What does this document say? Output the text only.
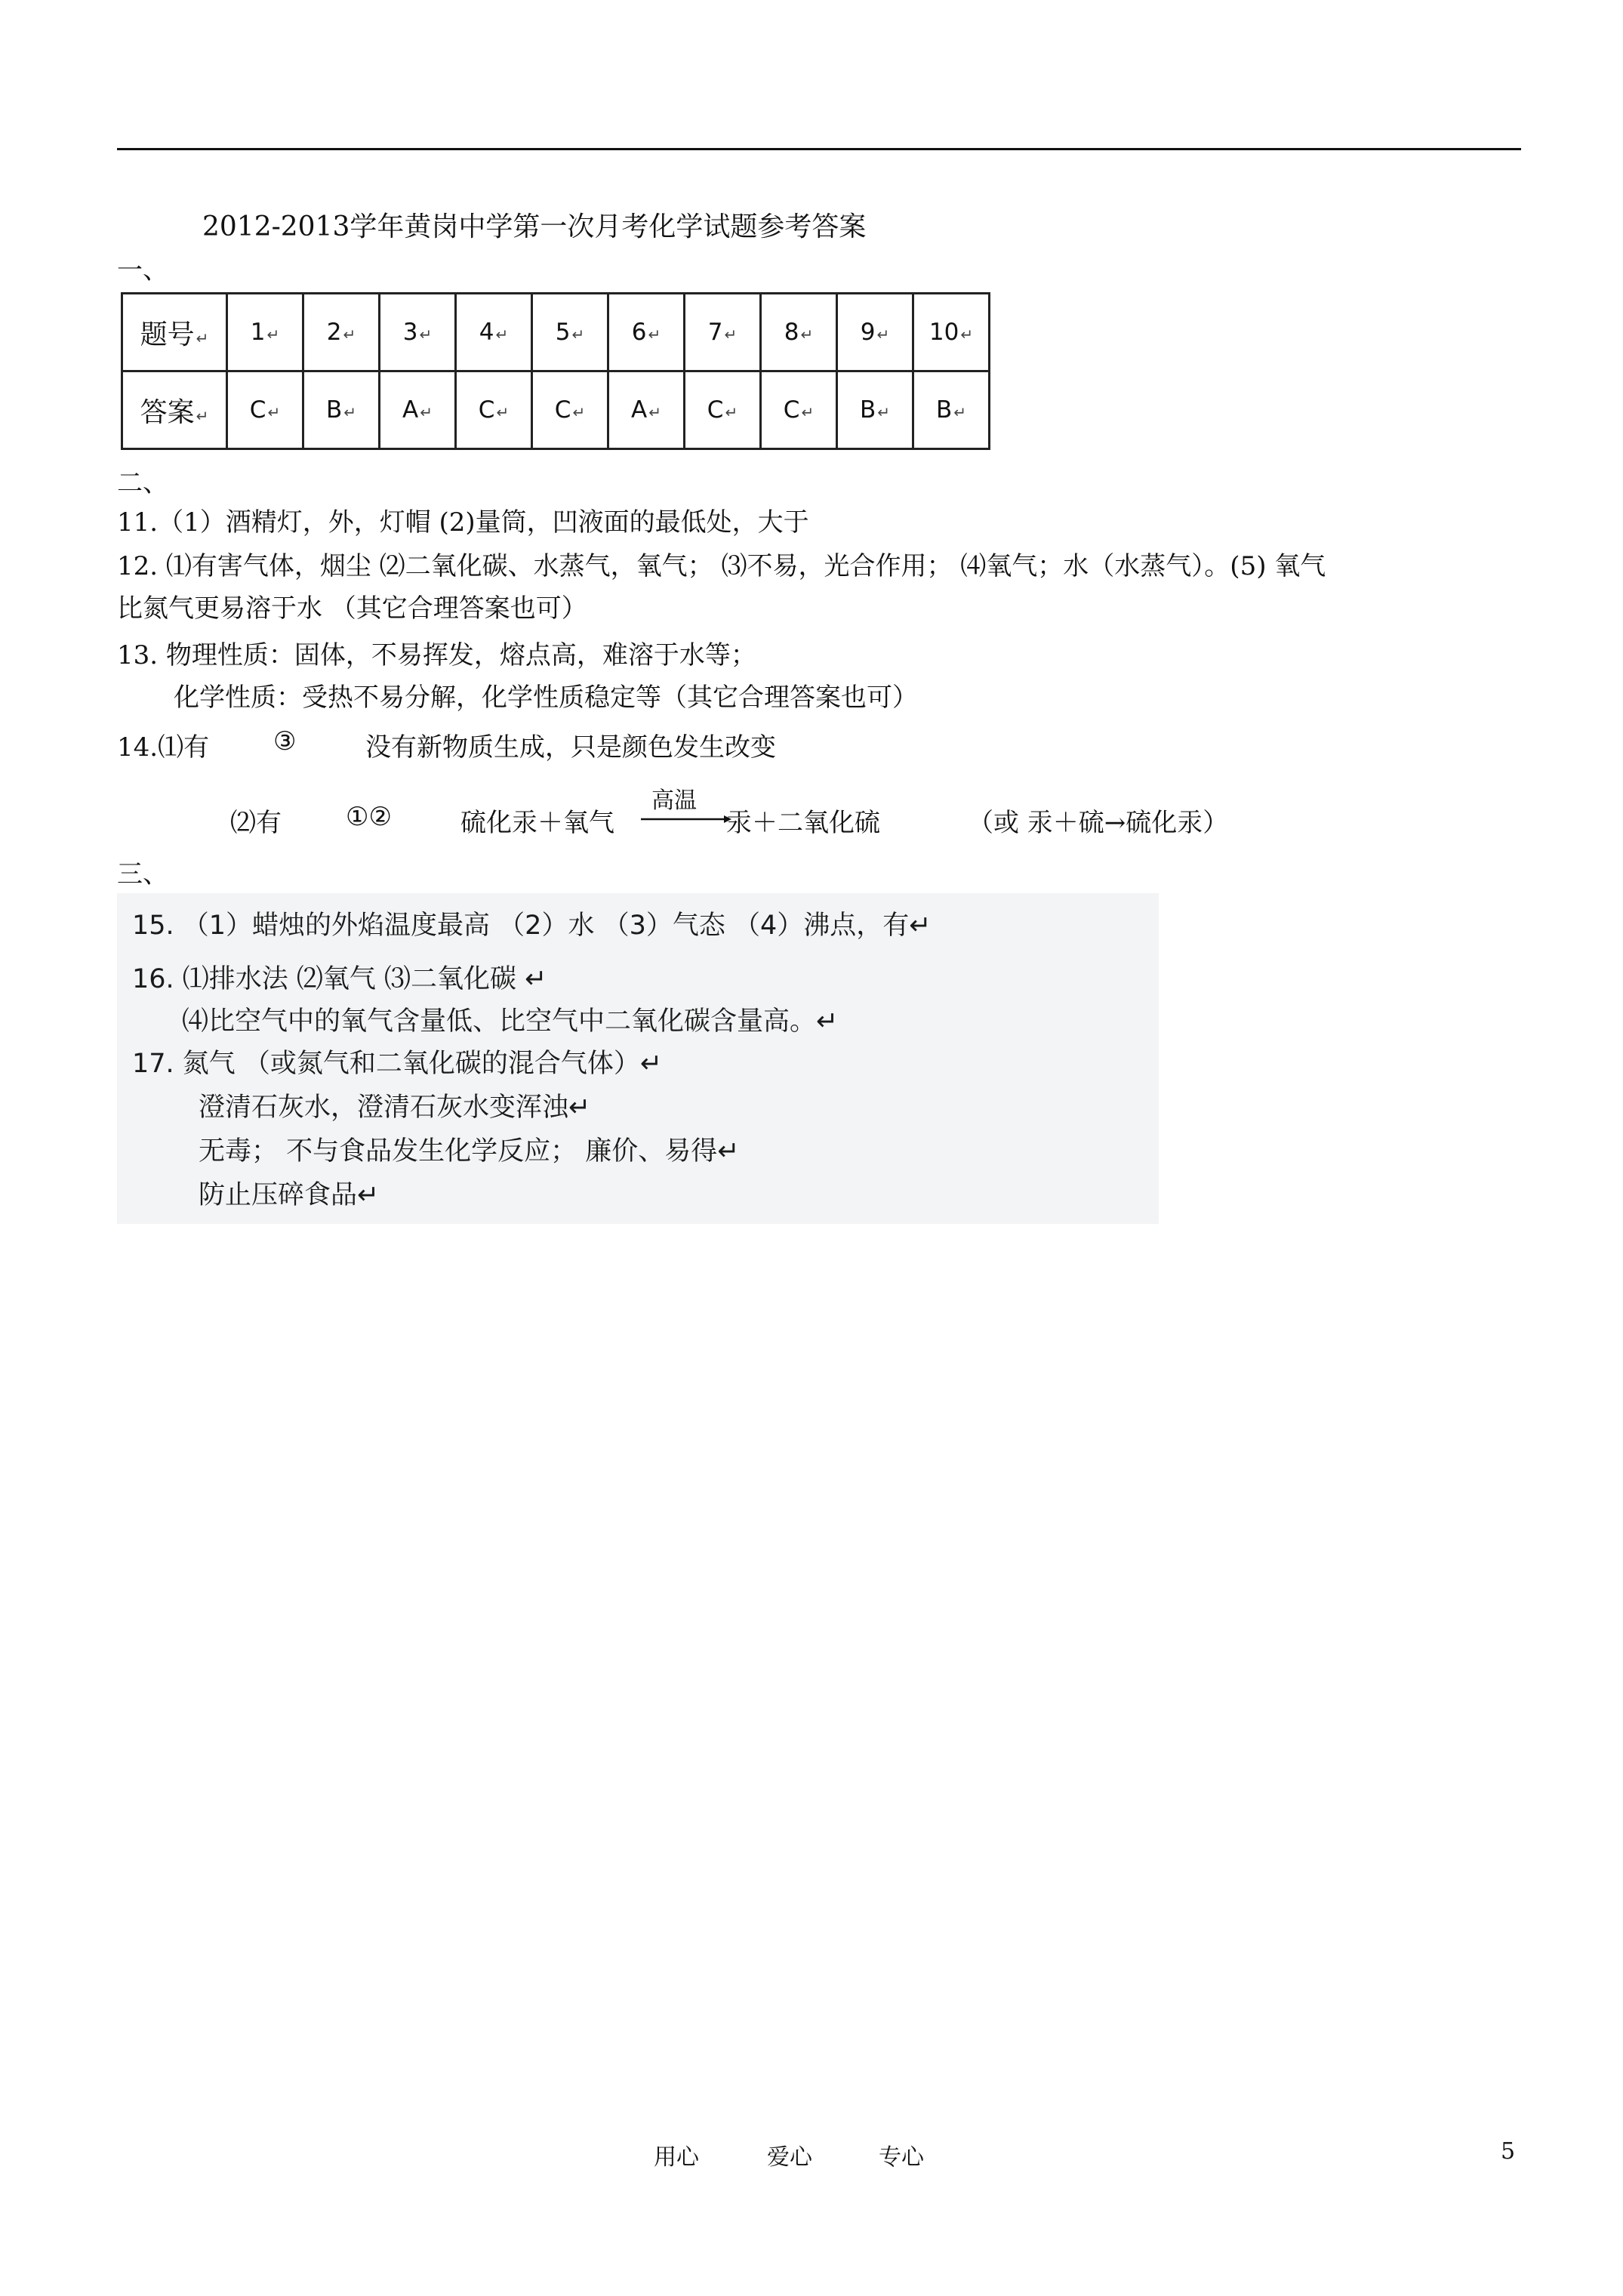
2012-2013学年黄岗中学第一次月考化学试题参考答案
一、
题号 ↵	1 ↵	2 ↵	3 ↵	4 ↵	5 ↵	6 ↵	7 ↵	8 ↵	9 ↵	10 ↵
答案 ↵	C ↵	B ↵	A ↵	C ↵	C ↵	A ↵	C ↵	C ↵	B ↵	B ↵
二、
11.（1）酒精灯，外，灯帽 (2)量筒，凹液面的最低处，大于
12. ⑴有害气体，烟尘 ⑵二氧化碳、水蒸气，氧气； ⑶不易，光合作用； ⑷氧气；水（水蒸气）。(5) 氧气
比氮气更易溶于水 （其它合理答案也可）
13. 物理性质：固体，不易挥发，熔点高，难溶于水等；
化学性质：受热不易分解，化学性质稳定等（其它合理答案也可）
14.⑴有 ③	没有新物质生成，只是颜色发生改变
⑵有	①②	硫化汞＋氧气
高温
汞＋二氧化硫	（或 汞＋硫→硫化汞）
三、
15. （1）蜡烛的外焰温度最高 （2）水 （3）气态 （4）沸点，有↵
16. ⑴排水法 ⑵氧气 ⑶二氧化碳 ↵
⑷比空气中的氧气含量低、比空气中二氧化碳含量高。↵
17. 氮气 （或氮气和二氧化碳的混合气体）↵
澄清石灰水，澄清石灰水变浑浊↵
无毒； 不与食品发生化学反应； 廉价、易得↵
防止压碎食品↵
用心	爱心	专心	5
